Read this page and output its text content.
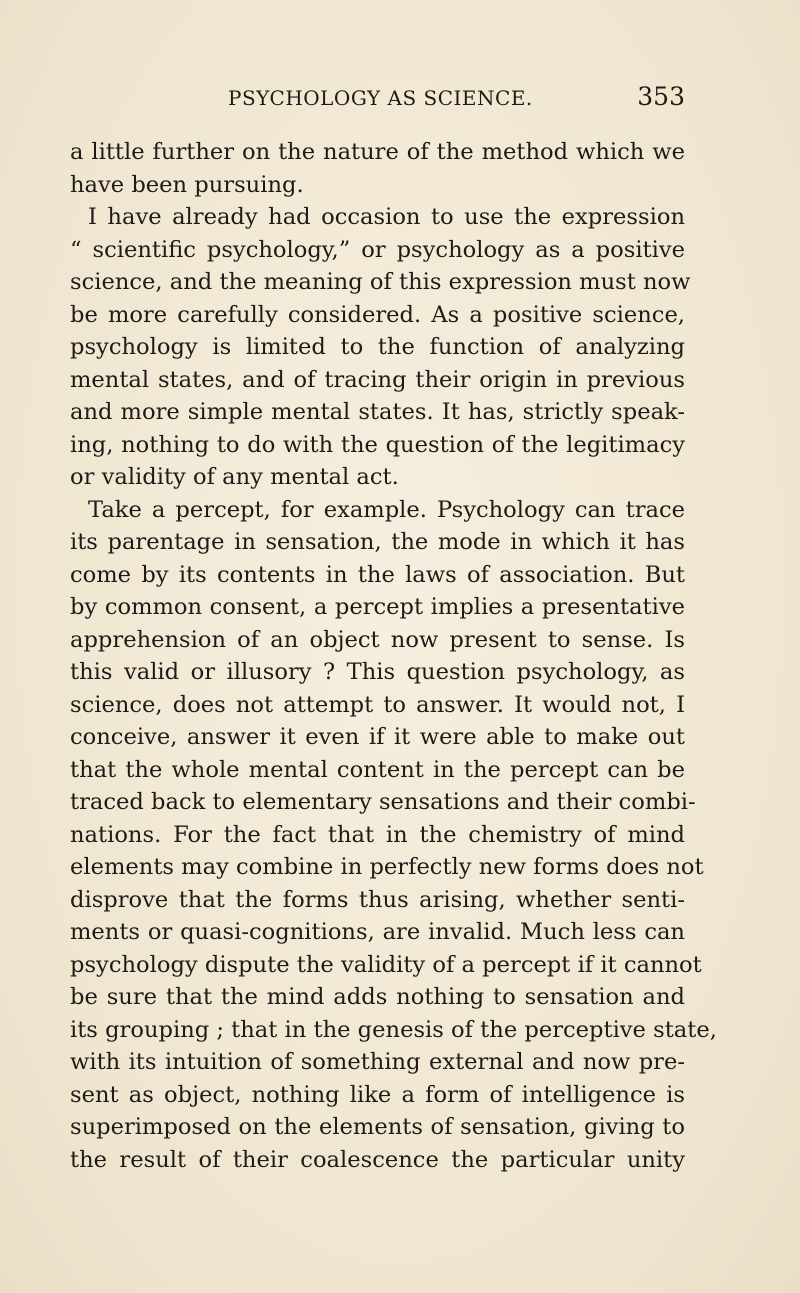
PSYCHOLOGY AS SCIENCE.	353
a little further on the nature of the method which we
have been pursuing.
I have already had occasion to use the expression
“ scientific psychology,” or psychology as a positive
science, and the meaning of this expression must now
be more carefully considered. As a positive science,
psychology is limited to the function of analyzing
mental states, and of tracing their origin in previous
and more simple mental states. It has, strictly speak-
ing, nothing to do with the question of the legitimacy
or validity of any mental act.
Take a percept, for example. Psychology can trace
its parentage in sensation, the mode in which it has
come by its contents in the laws of association. But
by common consent, a percept implies a presentative
apprehension of an object now present to sense. Is
this valid or illusory ? This question psychology, as
science, does not attempt to answer. It would not, I
conceive, answer it even if it were able to make out
that the whole mental content in the percept can be
traced back to elementary sensations and their combi-
nations. For the fact that in the chemistry of mind
elements may combine in perfectly new forms does not
disprove that the forms thus arising, whether senti-
ments or quasi-cognitions, are invalid. Much less can
psychology dispute the validity of a percept if it cannot
be sure that the mind adds nothing to sensation and
its grouping ; that in the genesis of the perceptive state,
with its intuition of something external and now pre-
sent as object, nothing like a form of intelligence is
superimposed on the elements of sensation, giving to
the result of their coalescence the particular unity
